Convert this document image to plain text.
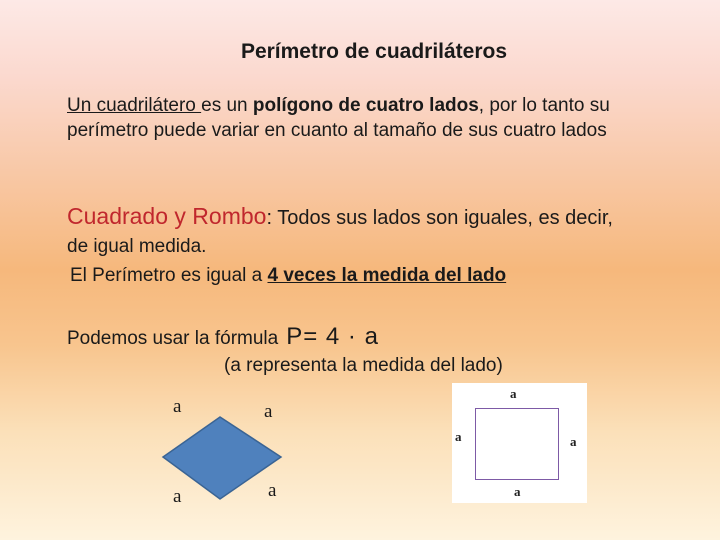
Perímetro de cuadriláteros
Un cuadrilátero es un polígono de cuatro lados, por lo tanto su perímetro puede variar en cuanto al tamaño de sus cuatro lados
Cuadrado y Rombo: Todos sus lados son iguales, es decir,
de igual medida.
El Perímetro es igual a 4 veces la medida del lado
Podemos usar la fórmula P= 4 · a
(a representa la medida del lado)
a	a
a	a
a
a	a
a
